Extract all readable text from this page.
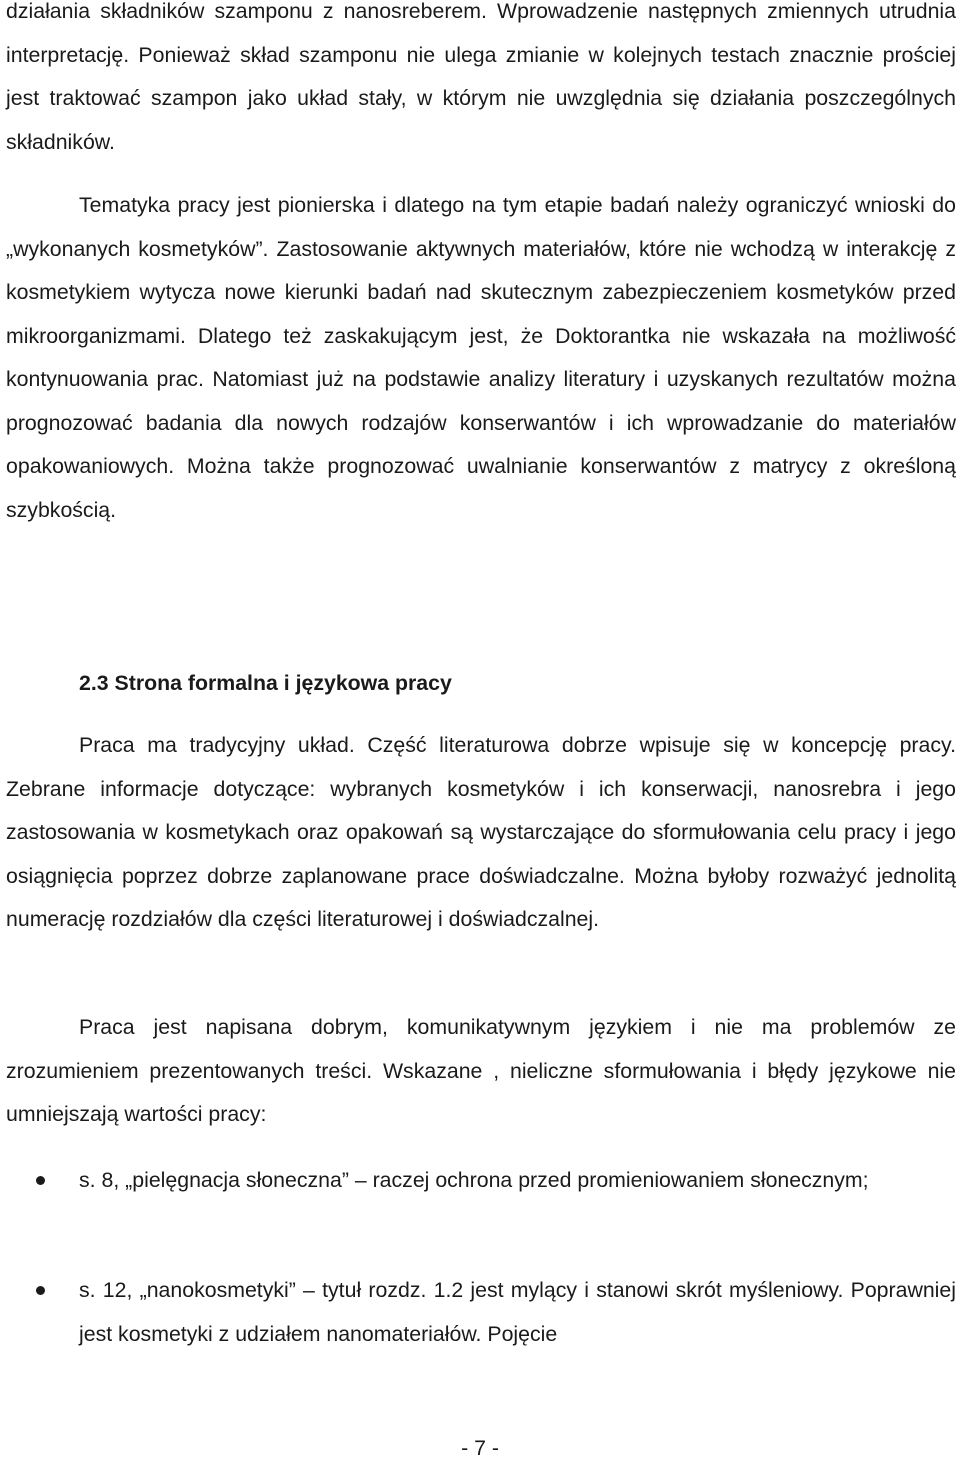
działania składników szamponu z nanosreberem. Wprowadzenie następnych zmiennych utrudnia interpretację. Ponieważ skład szamponu nie ulega zmianie w kolejnych testach znacznie prościej jest traktować szampon jako układ stały, w którym nie uwzględnia się działania poszczególnych składników.

Tematyka pracy jest pionierska i dlatego na tym etapie badań należy ograniczyć wnioski do „wykonanych kosmetyków”. Zastosowanie aktywnych materiałów, które nie wchodzą w interakcję z kosmetykiem wytycza nowe kierunki badań nad skutecznym zabezpieczeniem kosmetyków przed mikroorganizmami. Dlatego też zaskakującym jest, że Doktorantka nie wskazała na możliwość kontynuowania prac. Natomiast już na podstawie analizy literatury i uzyskanych rezultatów można prognozować badania dla nowych rodzajów konserwantów i ich wprowadzanie do materiałów opakowaniowych. Można także prognozować uwalnianie konserwantów z matrycy z określoną szybkością.

2.3 Strona formalna i językowa pracy

Praca ma tradycyjny układ. Część literaturowa dobrze wpisuje się w koncepcję pracy. Zebrane informacje dotyczące: wybranych kosmetyków i ich konserwacji, nanosrebra i jego zastosowania w kosmetykach oraz opakowań są wystarczające do sformułowania celu pracy i jego osiągnięcia poprzez dobrze zaplanowane prace doświadczalne. Można byłoby rozważyć jednolitą numerację rozdziałów dla części literaturowej i doświadczalnej.

Praca jest napisana dobrym, komunikatywnym językiem i nie ma problemów ze zrozumieniem prezentowanych treści. Wskazane , nieliczne sformułowania i błędy językowe nie umniejszają wartości pracy:

s. 8, „pielęgnacja słoneczna” – raczej ochrona przed promieniowaniem słonecznym;
s. 12, „nanokosmetyki” – tytuł rozdz. 1.2 jest mylący i stanowi skrót myśleniowy. Poprawniej jest kosmetyki z udziałem nanomateriałów. Pojęcie
- 7 -
